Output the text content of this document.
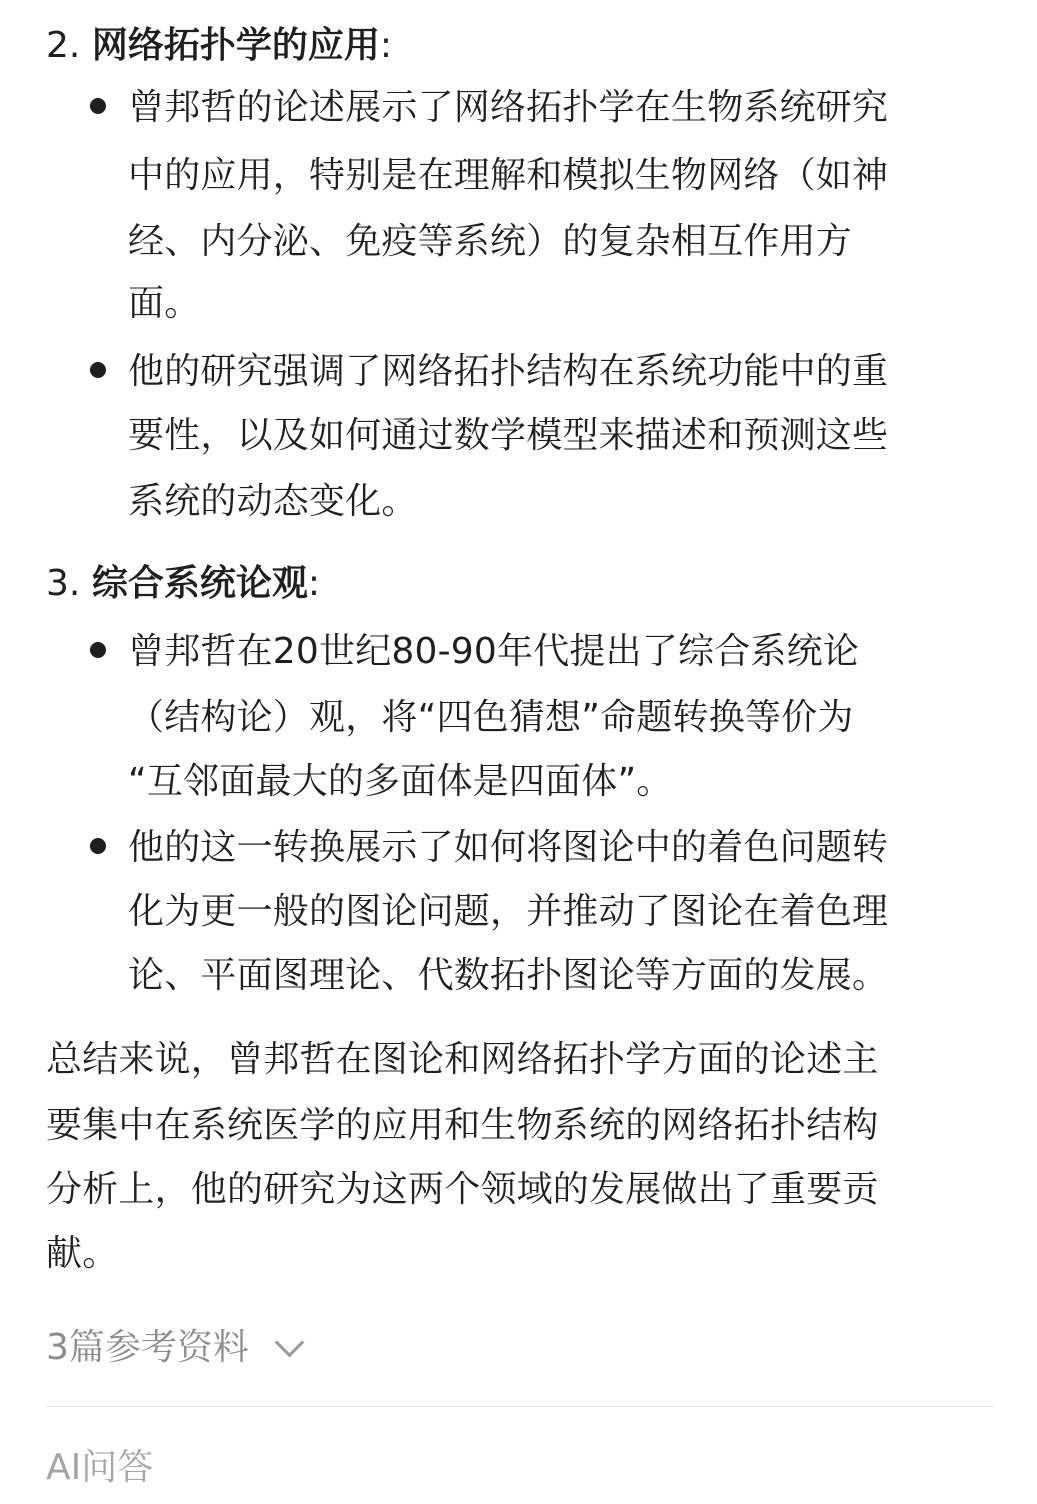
2. 网络拓扑学的应用:
曾邦哲的论述展示了网络拓扑学在生物系统研究
中的应用，特别是在理解和模拟生物网络（如神
经、内分泌、免疫等系统）的复杂相互作用方
面。
他的研究强调了网络拓扑结构在系统功能中的重
要性，以及如何通过数学模型来描述和预测这些
系统的动态变化。
3. 综合系统论观:
曾邦哲在20世纪80-90年代提出了综合系统论
（结构论）观，将“四色猜想”命题转换等价为
“互邻面最大的多面体是四面体”。
他的这一转换展示了如何将图论中的着色问题转
化为更一般的图论问题，并推动了图论在着色理
论、平面图理论、代数拓扑图论等方面的发展。
总结来说，曾邦哲在图论和网络拓扑学方面的论述主
要集中在系统医学的应用和生物系统的网络拓扑结构
分析上，他的研究为这两个领域的发展做出了重要贡
献。
3篇参考资料
AI问答
